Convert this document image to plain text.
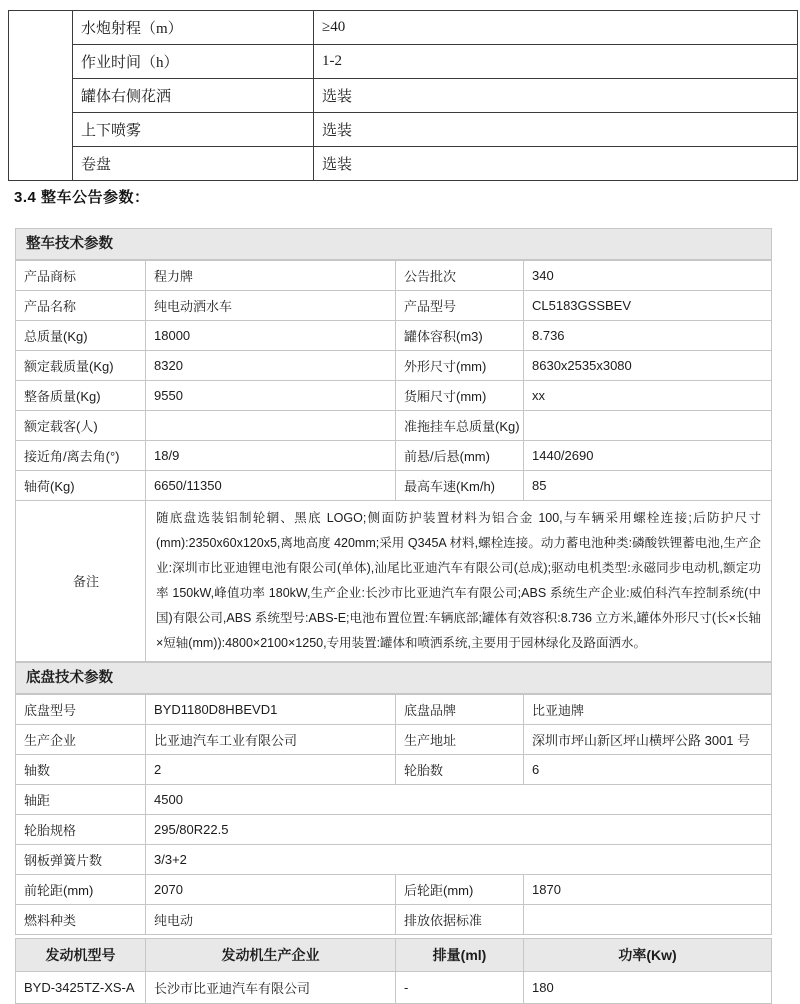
	水炮射程（m）	≥40
	作业时间（h）	1-2
	罐体右侧花洒	选装
	上下喷雾	选装
	卷盘	选装
3.4 整车公告参数：
整车技术参数
产品商标	程力牌	公告批次	340
产品名称	纯电动洒水车	产品型号	CL5183GSSBEV
总质量(Kg)	18000	罐体容积(m3)	8.736
额定载质量(Kg)	8320	外形尺寸(mm)	8630x2535x3080
整备质量(Kg)	9550	货厢尺寸(mm)	xx
额定载客(人)		准拖挂车总质量(Kg)	
接近角/离去角(°)	18/9	前悬/后悬(mm)	1440/2690
轴荷(Kg)	6650/11350	最高车速(Km/h)	85

备注	随底盘选装铝制轮辋、黑底 LOGO;侧面防护装置材料为铝合金 100,与车辆采用螺栓连接;后防护尺寸(mm):2350x60x120x5,离地高度 420mm;采用 Q345A 材料,螺栓连接。动力蓄电池种类:磷酸铁锂蓄电池,生产企业:深圳市比亚迪锂电池有限公司(单体),汕尾比亚迪汽车有限公司(总成);驱动电机类型:永磁同步电动机,额定功率 150kW,峰值功率 180kW,生产企业:长沙市比亚迪汽车有限公司;ABS 系统生产企业:威伯科汽车控制系统(中国)有限公司,ABS 系统型号:ABS-E;电池布置位置:车辆底部;罐体有效容积:8.736 立方米,罐体外形尺寸(长×长轴×短轴(mm)):4800×2100×1250,专用装置:罐体和喷洒系统,主要用于园林绿化及路面洒水。		
底盘技术参数
底盘型号	BYD1180D8HBEVD1	底盘品牌	比亚迪牌
生产企业	比亚迪汽车工业有限公司	生产地址	深圳市坪山新区坪山横坪公路 3001 号
轴数	2	轮胎数	6
轴距	4500		
轮胎规格	295/80R22.5		
钢板弹簧片数	3/3+2		
前轮距(mm)	2070	后轮距(mm)	1870
燃料种类	纯电动	排放依据标准	
发动机型号	发动机生产企业	排量(ml)	功率(Kw)
BYD-3425TZ-XS-A	长沙市比亚迪汽车有限公司	-	180
